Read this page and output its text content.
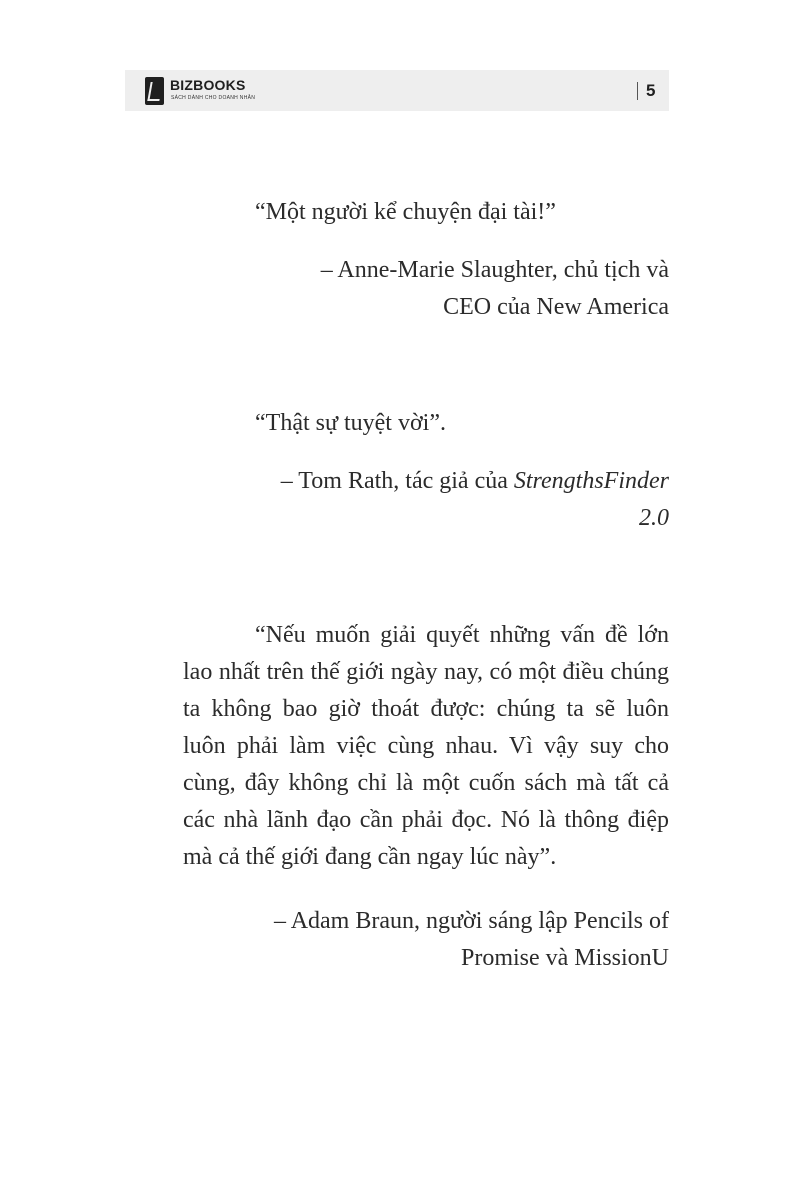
BIZBOOKS
SÁCH DÀNH CHO DOANH NHÂN	5

“Một người kể chuyện đại tài!”

– Anne-Marie Slaughter, chủ tịch và
CEO của New America

“Thật sự tuyệt vời”.

– Tom Rath, tác giả của StrengthsFinder
2.0

“Nếu muốn giải quyết những vấn đề lớn lao nhất trên thế giới ngày nay, có một điều chúng ta không bao giờ thoát được: chúng ta sẽ luôn luôn phải làm việc cùng nhau. Vì vậy suy cho cùng, đây không chỉ là một cuốn sách mà tất cả các nhà lãnh đạo cần phải đọc. Nó là thông điệp mà cả thế giới đang cần ngay lúc này”.

– Adam Braun, người sáng lập Pencils of
Promise và MissionU
